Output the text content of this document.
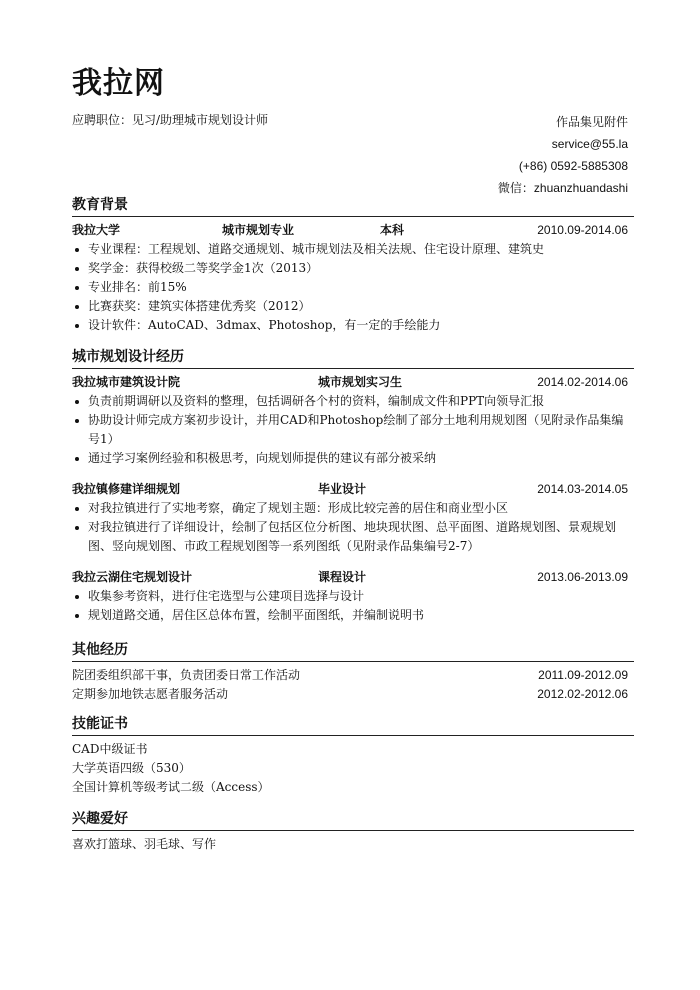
我拉网
应聘职位：见习/助理城市规划设计师	作品集见附件
service@55.la
(+86) 0592-5885308
微信：zhuanzhuandashi
教育背景
我拉大学	城市规划专业	本科	2010.09-2014.06
专业课程：工程规划、道路交通规划、城市规划法及相关法规、住宅设计原理、建筑史
奖学金：获得校级二等奖学金1次（2013）
专业排名：前15%
比赛获奖：建筑实体搭建优秀奖（2012）
设计软件：AutoCAD、3dmax、Photoshop，有一定的手绘能力
城市规划设计经历
我拉城市建筑设计院	城市规划实习生	2014.02-2014.06
负责前期调研以及资料的整理，包括调研各个村的资料，编制成文件和PPT向领导汇报
协助设计师完成方案初步设计，并用CAD和Photoshop绘制了部分土地利用规划图（见附录作品集编号1）
通过学习案例经验和积极思考，向规划师提供的建议有部分被采纳
我拉镇修建详细规划	毕业设计	2014.03-2014.05
对我拉镇进行了实地考察，确定了规划主题：形成比较完善的居住和商业型小区
对我拉镇进行了详细设计，绘制了包括区位分析图、地块现状图、总平面图、道路规划图、景观规划图、竖向规划图、市政工程规划图等一系列图纸（见附录作品集编号2-7）
我拉云湖住宅规划设计	课程设计	2013.06-2013.09
收集参考资料，进行住宅选型与公建项目选择与设计
规划道路交通，居住区总体布置，绘制平面图纸，并编制说明书
其他经历
院团委组织部干事，负责团委日常工作活动	2011.09-2012.09
定期参加地铁志愿者服务活动	2012.02-2012.06
技能证书
CAD中级证书
大学英语四级（530）
全国计算机等级考试二级（Access）
兴趣爱好
喜欢打篮球、羽毛球、写作
